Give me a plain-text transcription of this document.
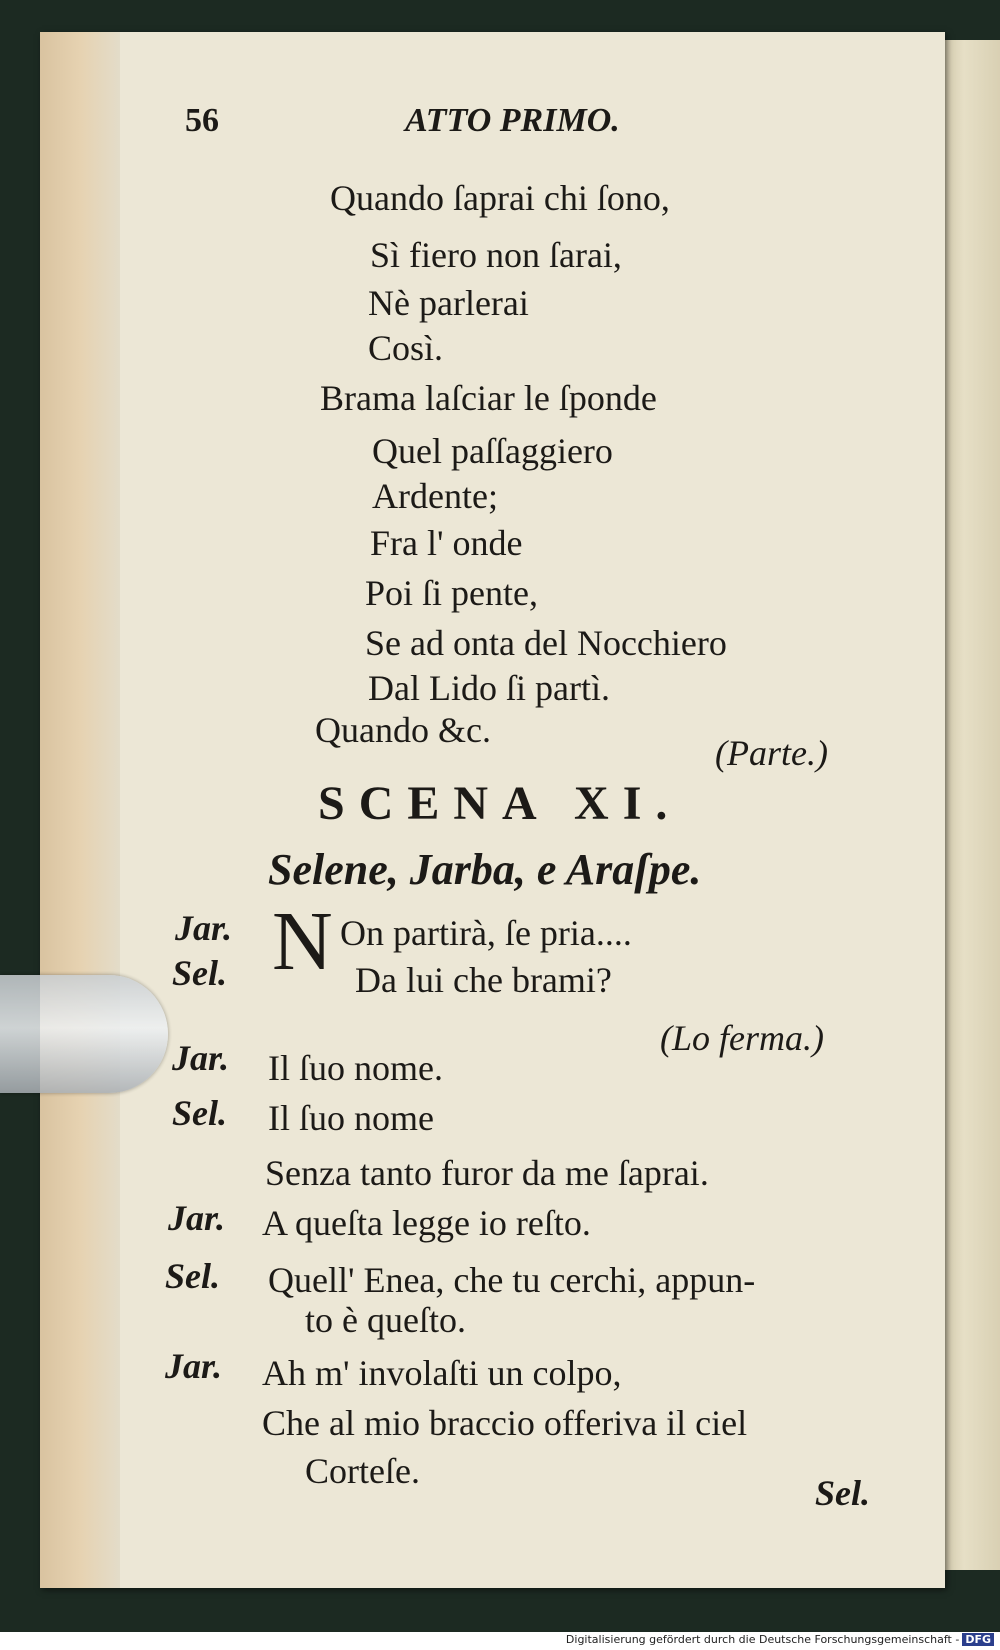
56	ATTO PRIMO.
Quando ſaprai chi ſono,
Sì fiero non ſarai,
Nè parlerai
Così.
Brama laſciar le ſponde
Quel paſſaggiero
Ardente;
Fra l' onde
Poi ſi pente,
Se ad onta del Nocchiero
Dal Lido ſi partì.
Quando &c.
(Parte.)
SCENA XI.
Selene, Jarba, e Araſpe.
Jar. N On partirà, ſe pria....
Sel.	Da lui che brami?
(Lo ferma.)
Jar. Il ſuo nome.
Sel. Il ſuo nome
Senza tanto furor da me ſaprai.
Jar. A queſta legge io reſto.
Sel. Quell' Enea, che tu cerchi, appun-
to è queſto.
Jar. Ah m' involaſti un colpo,
Che al mio braccio offeriva il ciel
Corteſe.
Sel.
Digitalisierung gefördert durch die Deutsche Forschungsgemeinschaft - DFG
